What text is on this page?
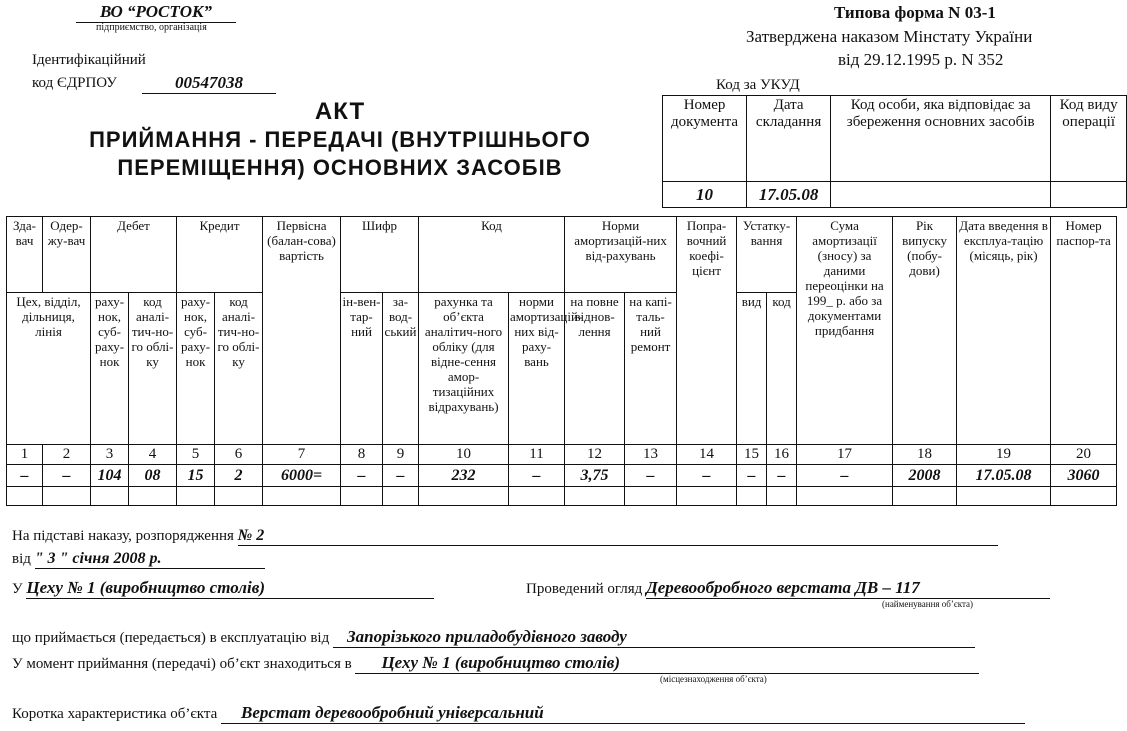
ВО “РОСТОК”
підприємство, організація
Ідентифікаційний
код ЄДРПОУ	00547038
Типова форма N 03-1
Затверджена наказом Мінстату України
від 29.12.1995 р. N 352
Код за УКУД
АКТ
ПРИЙМАННЯ - ПЕРЕДАЧІ (ВНУТРІШНЬОГО
ПЕРЕМІЩЕННЯ) ОСНОВНИХ ЗАСОБІВ
Номер документа	Дата складання	Код особи, яка відповідає за збереження основних засобів	Код виду операції
10	17.05.08		
Зда-вач	Одер-жу-вач	Дебет	Кредит	Первісна (балан-сова) вартість	Шифр	Код	Норми амортизацій-них від-рахувань	Попра-вочний коефі-цієнт	Устатку-вання	Сума амортизації (зносу) за даними переоцінки на 199_ р. або за документами придбання	Рік випуску (побу-дови)	Дата введення в експлуа-тацію (місяць, рік)	Номер паспор-та
Цех, відділ, дільниця, лінія	раху-нок, суб-раху-нок	код аналі-тич-но-го облі-ку	раху-нок, суб-раху-нок	код аналі-тич-но-го облі-ку	ін-вен-тар-ний	за-вод-ський	рахунка та об’єкта аналітич-ного обліку (для віднe-сення амор-тизаційних відрахувань)	норми амортизацій-них від-раху-вань	на повне віднов-лення	на капі-таль-ний ремонт	вид	код
1	2	3	4	5	6	7	8	9	10	11	12	13	14	15	16	17	18	19	20
–	–	104	08	15	2	6000=	–	–	232	–	3,75	–	–	–	–	–	2008	17.05.08	3060

На підставі наказу, розпорядження № 2
від " 3 " січня 2008 р.
У Цеху № 1 (виробництво столів)	Проведений огляд Деревообробного верстата ДВ – 117
(найменування об’єкта)
що приймається (передається) в експлуатацію від Запорізького приладобудівного заводу
У момент приймання (передачі) об’єкт знаходиться в Цеху № 1 (виробництво столів)
(місцезнаходження об’єкта)
Коротка характеристика об’єкта Верстат деревообробний універсальний
